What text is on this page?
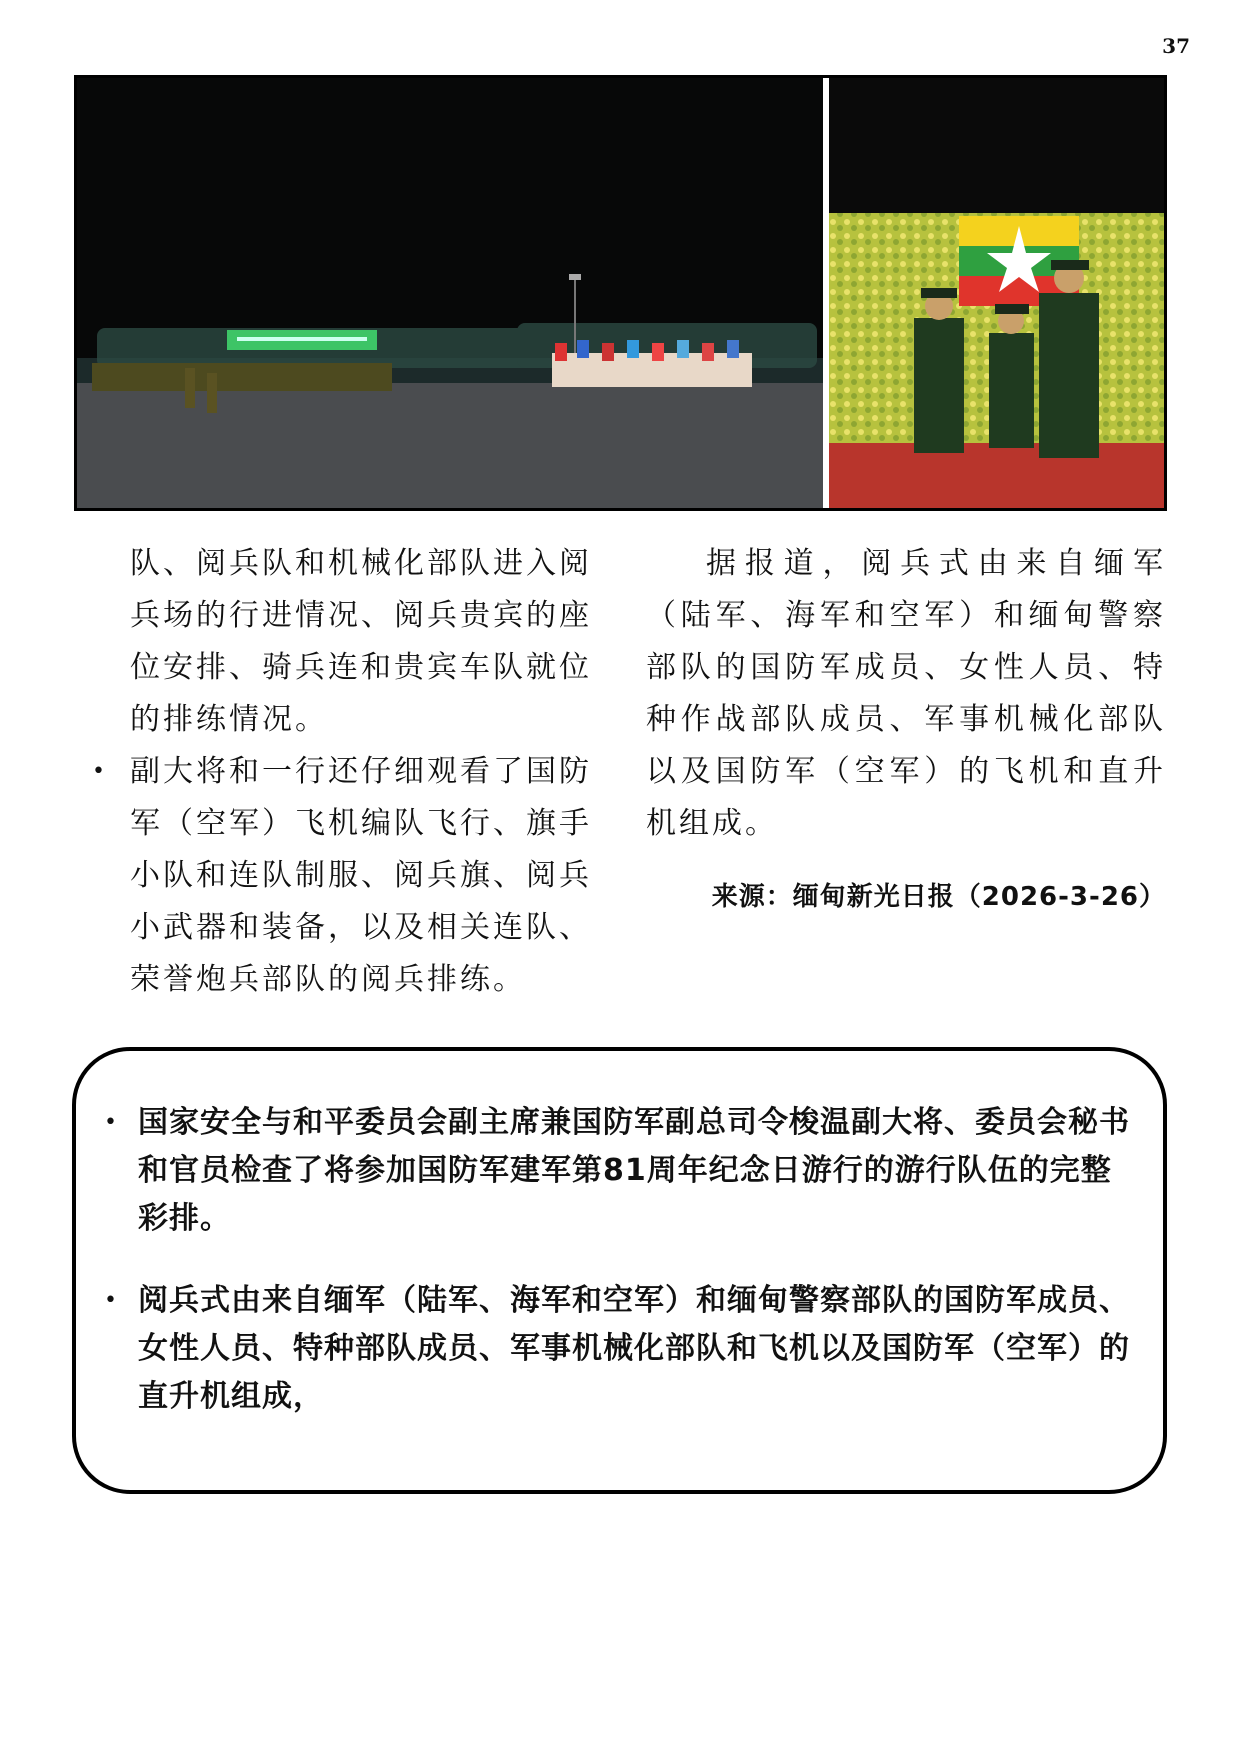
37

队、阅兵队和机械化部队进入阅兵场的行进情况、阅兵贵宾的座位安排、骑兵连和贵宾车队就位的排练情况。

• 副大将和一行还仔细观看了国防军（空军）飞机编队飞行、旗手小队和连队制服、阅兵旗、阅兵小武器和装备，以及相关连队、荣誉炮兵部队的阅兵排练。

据报道，阅兵式由来自缅军（陆军、海军和空军）和缅甸警察部队的国防军成员、女性人员、特种作战部队成员、军事机械化部队以及国防军（空军）的飞机和直升机组成。

来源：缅甸新光日报（2026-3-26）
• 国家安全与和平委员会副主席兼国防军副总司令梭温副大将、委员会秘书和官员检查了将参加国防军建军第81周年纪念日游行的游行队伍的完整彩排。
• 阅兵式由来自缅军（陆军、海军和空军）和缅甸警察部队的国防军成员、女性人员、特种部队成员、军事机械化部队和飞机以及国防军（空军）的直升机组成，
